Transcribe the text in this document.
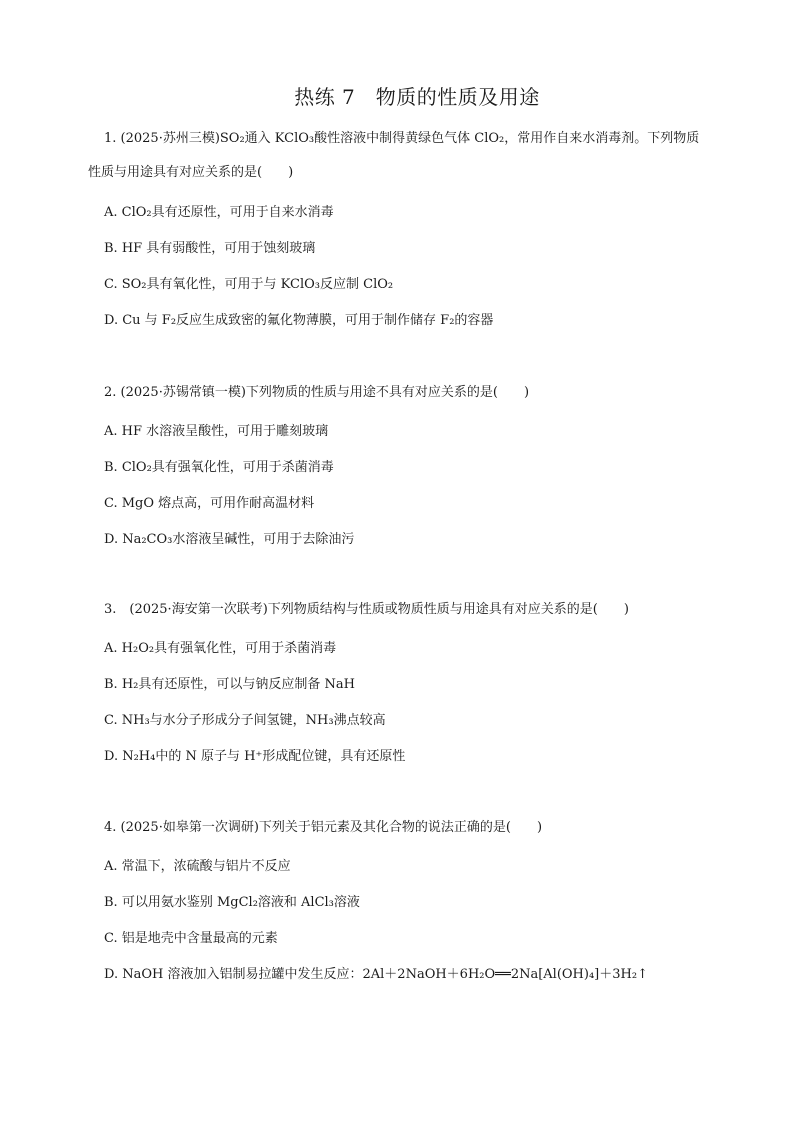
热练 7　物质的性质及用途

1. (2025·苏州三模)SO₂通入 KClO₃酸性溶液中制得黄绿色气体 ClO₂，常用作自来水消毒剂。下列物质

性质与用途具有对应关系的是(　　)

A. ClO₂具有还原性，可用于自来水消毒

B. HF 具有弱酸性，可用于蚀刻玻璃

C. SO₂具有氧化性，可用于与 KClO₃反应制 ClO₂

D. Cu 与 F₂反应生成致密的氟化物薄膜，可用于制作储存 F₂的容器

2. (2025·苏锡常镇一模)下列物质的性质与用途不具有对应关系的是(　　)

A. HF 水溶液呈酸性，可用于雕刻玻璃

B. ClO₂具有强氧化性，可用于杀菌消毒

C. MgO 熔点高，可用作耐高温材料

D. Na₂CO₃水溶液呈碱性，可用于去除油污

3.　(2025·海安第一次联考)下列物质结构与性质或物质性质与用途具有对应关系的是(　　)

A. H₂O₂具有强氧化性，可用于杀菌消毒

B. H₂具有还原性，可以与钠反应制备 NaH

C. NH₃与水分子形成分子间氢键，NH₃沸点较高

D. N₂H₄中的 N 原子与 H⁺形成配位键，具有还原性

4. (2025·如皋第一次调研)下列关于铝元素及其化合物的说法正确的是(　　)

A. 常温下，浓硫酸与铝片不反应

B. 可以用氨水鉴别 MgCl₂溶液和 AlCl₃溶液

C. 铝是地壳中含量最高的元素

D. NaOH 溶液加入铝制易拉罐中发生反应：2Al＋2NaOH＋6H₂O══2Na[Al(OH)₄]＋3H₂↑
